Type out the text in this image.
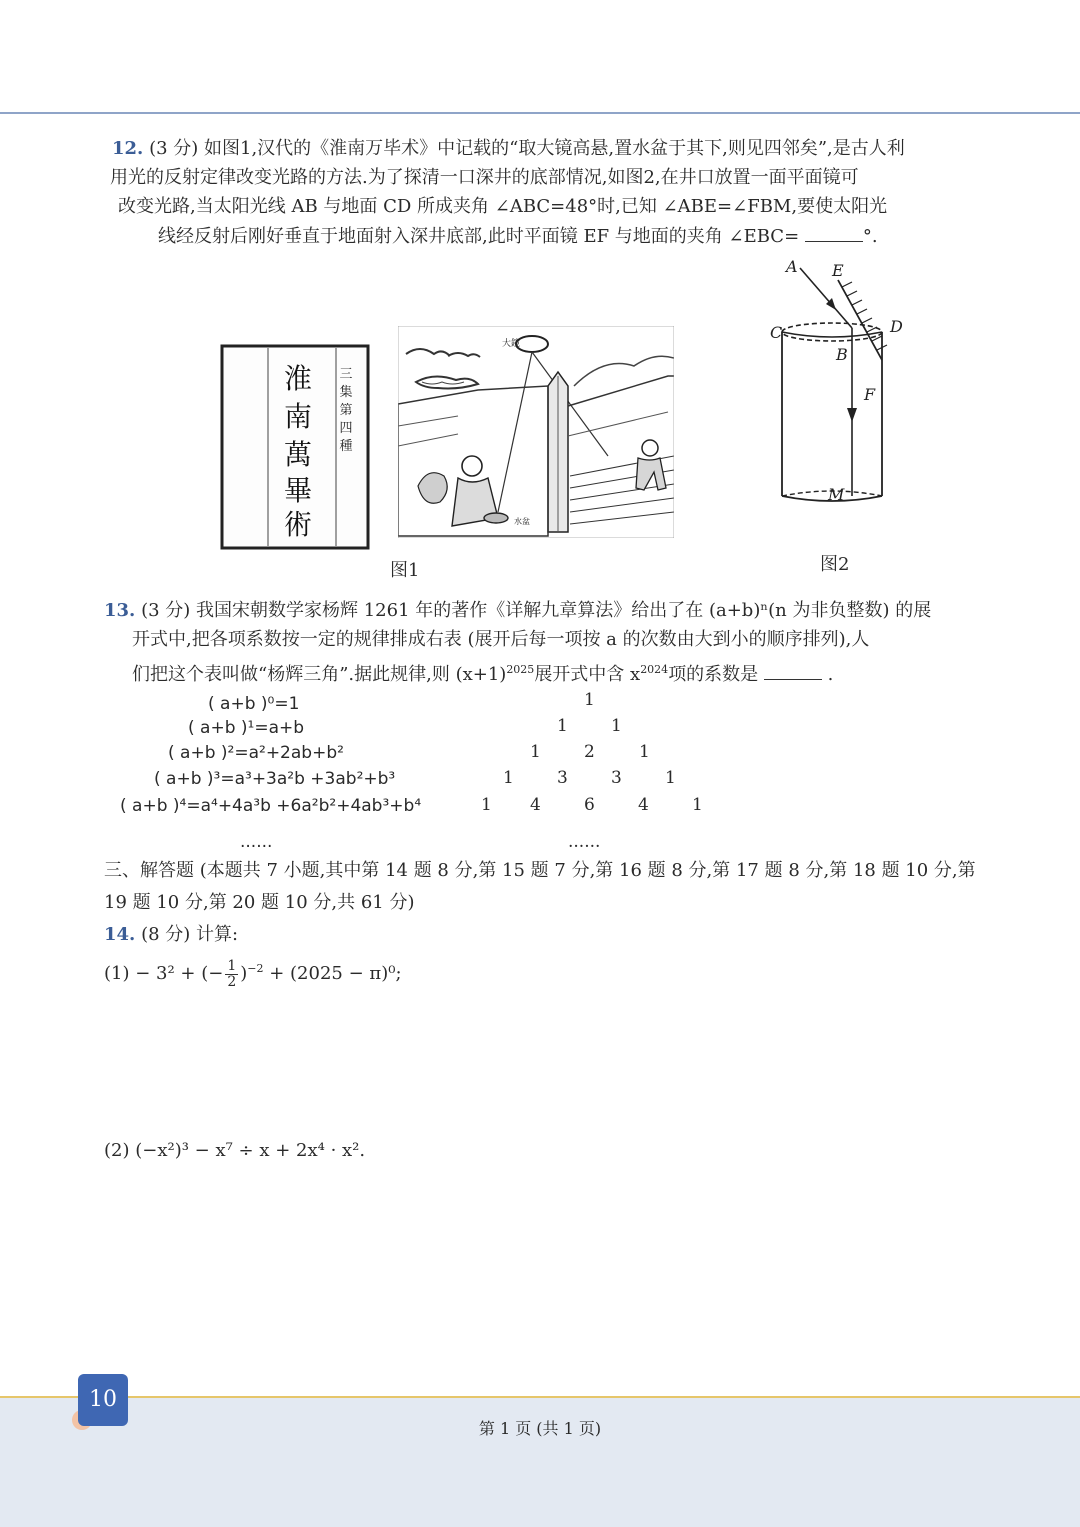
12. (3 分) 如图1,汉代的《淮南万毕术》中记载的“取大镜高悬,置水盆于其下,则见四邻矣”,是古人利
用光的反射定律改变光路的方法.为了探清一口深井的底部情况,如图2,在井口放置一面平面镜可
改变光路,当太阳光线 AB 与地面 CD 所成夹角 ∠ABC=48°时,已知 ∠ABE=∠FBM,要使太阳光
线经反射后刚好垂直于地面射入深井底部,此时平面镜 EF 与地面的夹角 ∠EBC=	°.
淮
南
萬
畢
術
三
集
第
四
種
大鏡
水盆
图1
A E
C	D
B
F
M
图2
13. (3 分) 我国宋朝数学家杨辉 1261 年的著作《详解九章算法》给出了在 (a+b)ⁿ(n 为非负整数) 的展
开式中,把各项系数按一定的规律排成右表 (展开后每一项按 a 的次数由大到小的顺序排列),人
们把这个表叫做“杨辉三角”.据此规律,则 $(x+1)^{2025}$展开式中含 $x^{2024}$项的系数是	.
( a+b )⁰=1
( a+b )¹=a+b
( a+b )²=a²+2ab+b²
( a+b )³=a³+3a²b +3ab²+b³
( a+b )⁴=a⁴+4a³b +6a²b²+4ab³+b⁴
......
1
1	1
1	2	1
1	3	3	1
1 4	6	4	1
......
三、解答题 (本题共 7 小题,其中第 14 题 8 分,第 15 题 7 分,第 16 题 8 分,第 17 题 8 分,第 18 题 10 分,第
19 题 10 分,第 20 题 10 分,共 61 分)
14. (8 分) 计算:
(1) − 3² + (− $\frac{1}{2} )^{-2} + (2025 - \pi)^0$;
(2) (−x²)³ − x⁷ ÷ x + 2x⁴ · x².
10
第 1 页 (共 1 页)
